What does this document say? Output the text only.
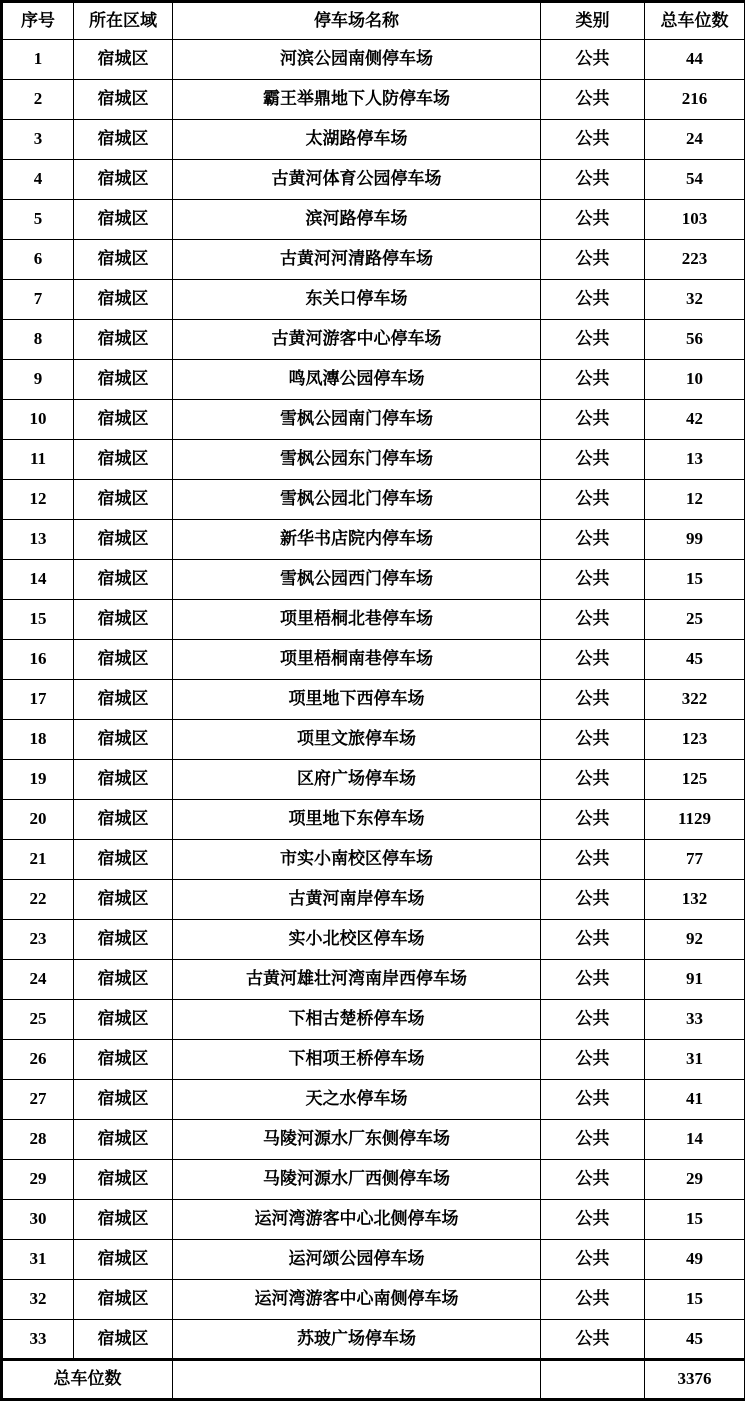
序号	所在区域	停车场名称	类别	总车位数
1	宿城区	河滨公园南侧停车场	公共	44
2	宿城区	霸王举鼎地下人防停车场	公共	216
3	宿城区	太湖路停车场	公共	24
4	宿城区	古黄河体育公园停车场	公共	54
5	宿城区	滨河路停车场	公共	103
6	宿城区	古黄河河清路停车场	公共	223
7	宿城区	东关口停车场	公共	32
8	宿城区	古黄河游客中心停车场	公共	56
9	宿城区	鸣凤漙公园停车场	公共	10
10	宿城区	雪枫公园南门停车场	公共	42
11	宿城区	雪枫公园东门停车场	公共	13
12	宿城区	雪枫公园北门停车场	公共	12
13	宿城区	新华书店院内停车场	公共	99
14	宿城区	雪枫公园西门停车场	公共	15
15	宿城区	项里梧桐北巷停车场	公共	25
16	宿城区	项里梧桐南巷停车场	公共	45
17	宿城区	项里地下西停车场	公共	322
18	宿城区	项里文旅停车场	公共	123
19	宿城区	区府广场停车场	公共	125
20	宿城区	项里地下东停车场	公共	1129
21	宿城区	市实小南校区停车场	公共	77
22	宿城区	古黄河南岸停车场	公共	132
23	宿城区	实小北校区停车场	公共	92
24	宿城区	古黄河雄壮河湾南岸西停车场	公共	91
25	宿城区	下相古楚桥停车场	公共	33
26	宿城区	下相项王桥停车场	公共	31
27	宿城区	天之水停车场	公共	41
28	宿城区	马陵河源水厂东侧停车场	公共	14
29	宿城区	马陵河源水厂西侧停车场	公共	29
30	宿城区	运河湾游客中心北侧停车场	公共	15
31	宿城区	运河颂公园停车场	公共	49
32	宿城区	运河湾游客中心南侧停车场	公共	15
33	宿城区	苏玻广场停车场	公共	45
总车位数				3376
